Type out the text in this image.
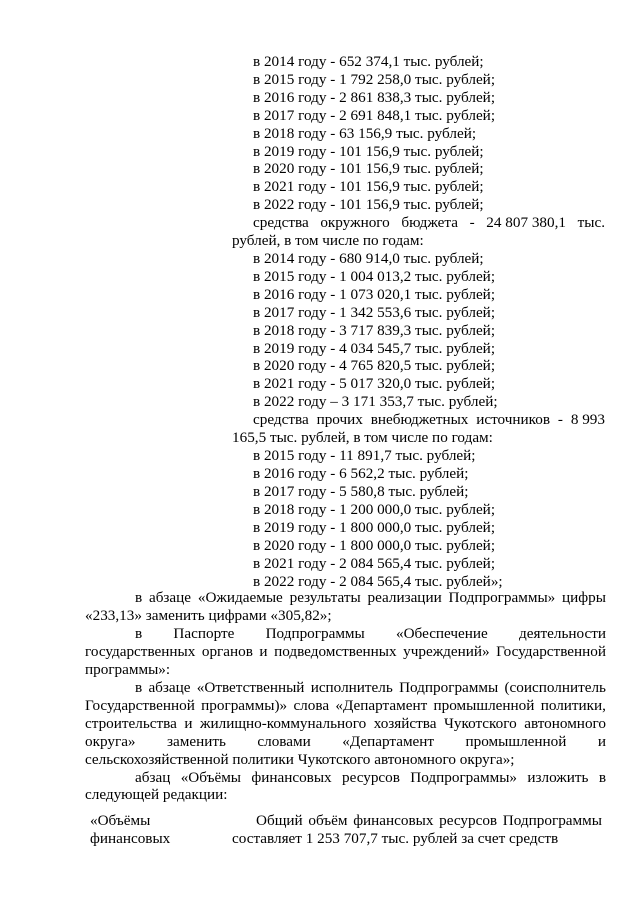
в 2014 году - 652 374,1 тыс. рублей;
в 2015 году - 1 792 258,0 тыс. рублей;
в 2016 году - 2 861 838,3 тыс. рублей;
в 2017 году - 2 691 848,1 тыс. рублей;
в 2018 году - 63 156,9 тыс. рублей;
в 2019 году - 101 156,9 тыс. рублей;
в 2020 году - 101 156,9 тыс. рублей;
в 2021 году - 101 156,9 тыс. рублей;
в 2022 году - 101 156,9 тыс. рублей;
средства окружного бюджета - 24 807 380,1 тыс.
рублей, в том числе по годам:
в 2014 году - 680 914,0 тыс. рублей;
в 2015 году - 1 004 013,2 тыс. рублей;
в 2016 году - 1 073 020,1 тыс. рублей;
в 2017 году - 1 342 553,6 тыс. рублей;
в 2018 году - 3 717 839,3 тыс. рублей;
в 2019 году - 4 034 545,7 тыс. рублей;
в 2020 году - 4 765 820,5 тыс. рублей;
в 2021 году - 5 017 320,0 тыс. рублей;
в 2022 году – 3 171 353,7 тыс. рублей;
средства прочих внебюджетных источников - 8 993
165,5 тыс. рублей, в том числе по годам:
в 2015 году - 11 891,7 тыс. рублей;
в 2016 году - 6 562,2 тыс. рублей;
в 2017 году - 5 580,8 тыс. рублей;
в 2018 году - 1 200 000,0 тыс. рублей;
в 2019 году - 1 800 000,0 тыс. рублей;
в 2020 году - 1 800 000,0 тыс. рублей;
в 2021 году - 2 084 565,4 тыс. рублей;
в 2022 году - 2 084 565,4 тыс. рублей»;
в абзаце «Ожидаемые результаты реализации Подпрограммы» цифры
«233,13» заменить цифрами «305,82»;
в Паспорте Подпрограммы «Обеспечение деятельности
государственных органов и подведомственных учреждений» Государственной
программы»:
в абзаце «Ответственный исполнитель Подпрограммы (соисполнитель
Государственной программы)» слова «Департамент промышленной политики,
строительства и жилищно-коммунального хозяйства Чукотского автономного
округа» заменить словами «Департамент промышленной и
сельскохозяйственной политики Чукотского автономного округа»;
абзац «Объёмы финансовых ресурсов Подпрограммы» изложить в
следующей редакции:
«Объёмы
финансовых
Общий объём финансовых ресурсов Подпрограммы
составляет 1 253 707,7 тыс. рублей за счет средств
